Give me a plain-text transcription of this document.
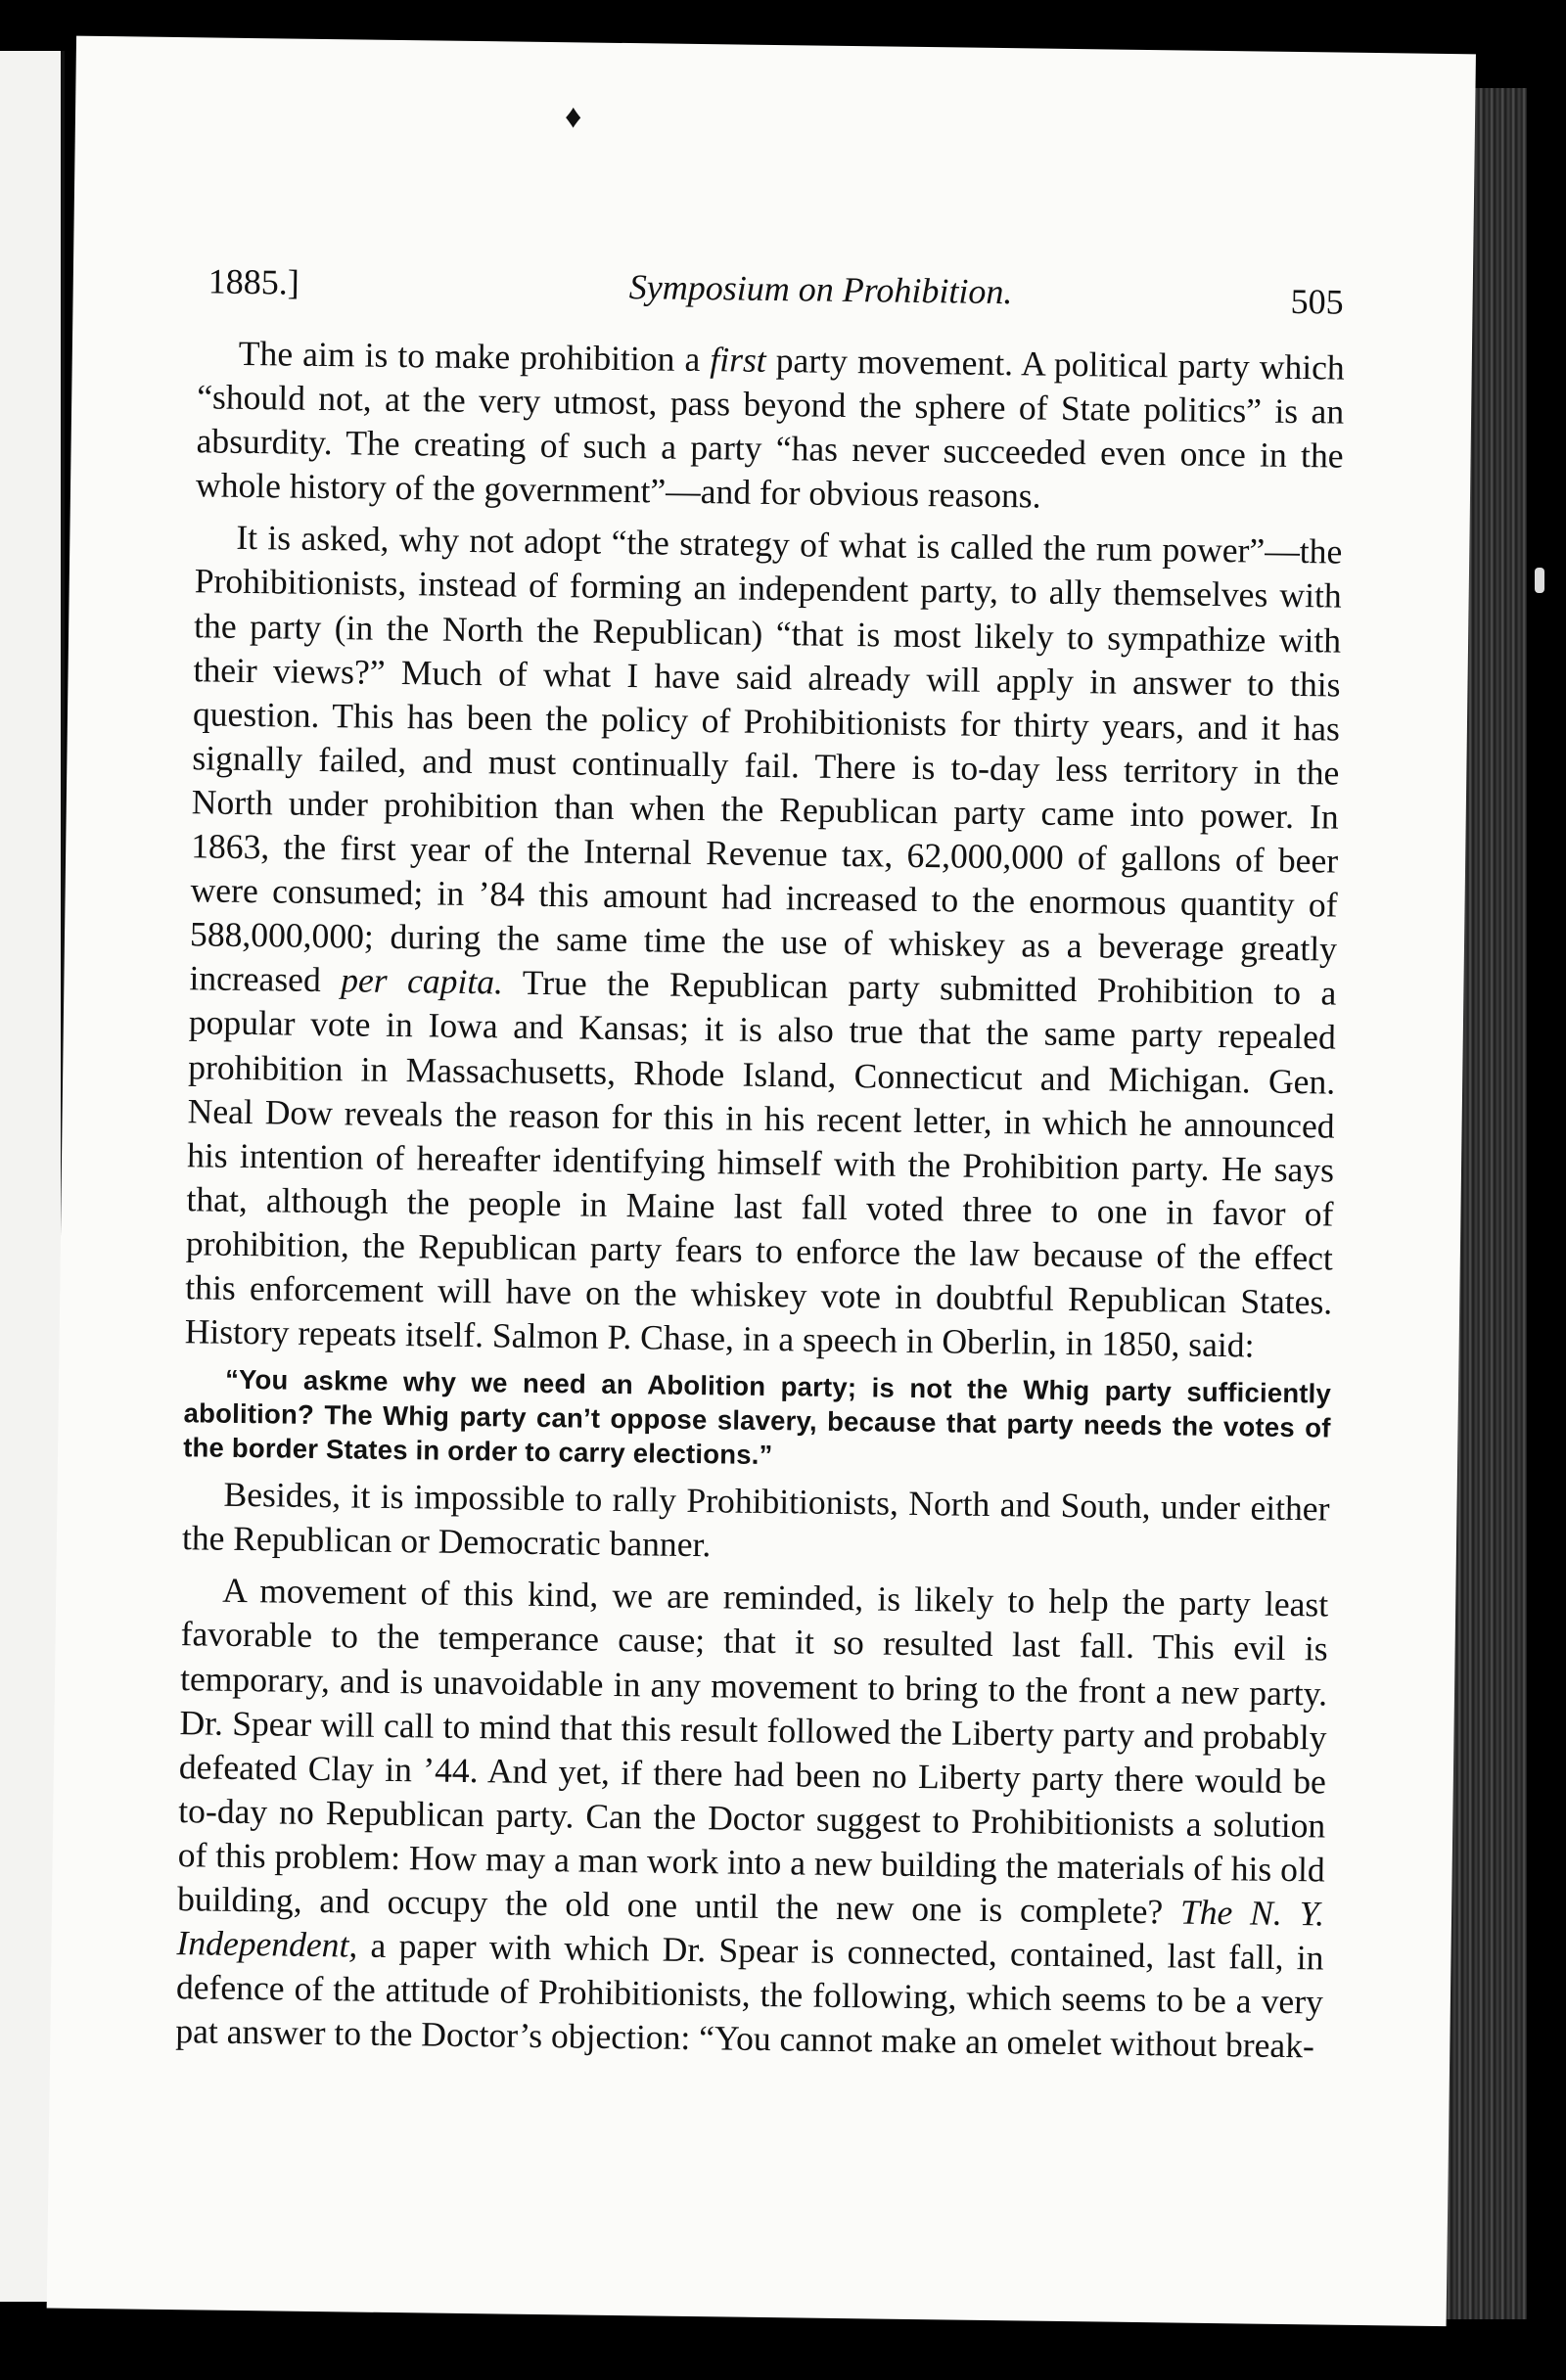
♦
1885.]	Symposium on Prohibition.	505

The aim is to make prohibition a first party movement. A political party which “should not, at the very utmost, pass beyond the sphere of State politics” is an absurdity. The creating of such a party “has never succeeded even once in the whole history of the government”—and for obvious reasons.

It is asked, why not adopt “the strategy of what is called the rum power”—the Prohibitionists, instead of forming an independent party, to ally themselves with the party (in the North the Republican) “that is most likely to sympathize with their views?” Much of what I have said already will apply in answer to this question. This has been the policy of Prohibitionists for thirty years, and it has signally failed, and must continually fail. There is to-day less territory in the North under prohibition than when the Republican party came into power. In 1863, the first year of the Internal Revenue tax, 62,000,000 of gallons of beer were consumed; in ’84 this amount had increased to the enormous quantity of 588,000,000; during the same time the use of whiskey as a beverage greatly increased per capita. True the Republican party submitted Prohibition to a popular vote in Iowa and Kansas; it is also true that the same party repealed prohibition in Massachusetts, Rhode Island, Connecticut and Michigan. Gen. Neal Dow reveals the reason for this in his recent letter, in which he announced his intention of hereafter identifying himself with the Prohibition party. He says that, although the people in Maine last fall voted three to one in favor of prohibition, the Republican party fears to enforce the law because of the effect this enforcement will have on the whiskey vote in doubtful Republican States. History repeats itself. Salmon P. Chase, in a speech in Oberlin, in 1850, said:

“You askme why we need an Abolition party; is not the Whig party sufficiently abolition? The Whig party can’t oppose slavery, because that party needs the votes of the border States in order to carry elections.”

Besides, it is impossible to rally Prohibitionists, North and South, under either the Republican or Democratic banner.

A movement of this kind, we are reminded, is likely to help the party least favorable to the temperance cause; that it so resulted last fall. This evil is temporary, and is unavoidable in any movement to bring to the front a new party. Dr. Spear will call to mind that this result followed the Liberty party and probably defeated Clay in ’44. And yet, if there had been no Liberty party there would be to-day no Republican party. Can the Doctor suggest to Prohibitionists a solution of this problem: How may a man work into a new building the materials of his old building, and occupy the old one until the new one is complete? The N. Y. Independent, a paper with which Dr. Spear is connected, contained, last fall, in defence of the attitude of Prohibitionists, the following, which seems to be a very pat answer to the Doctor’s objection: “You cannot make an omelet without break-
